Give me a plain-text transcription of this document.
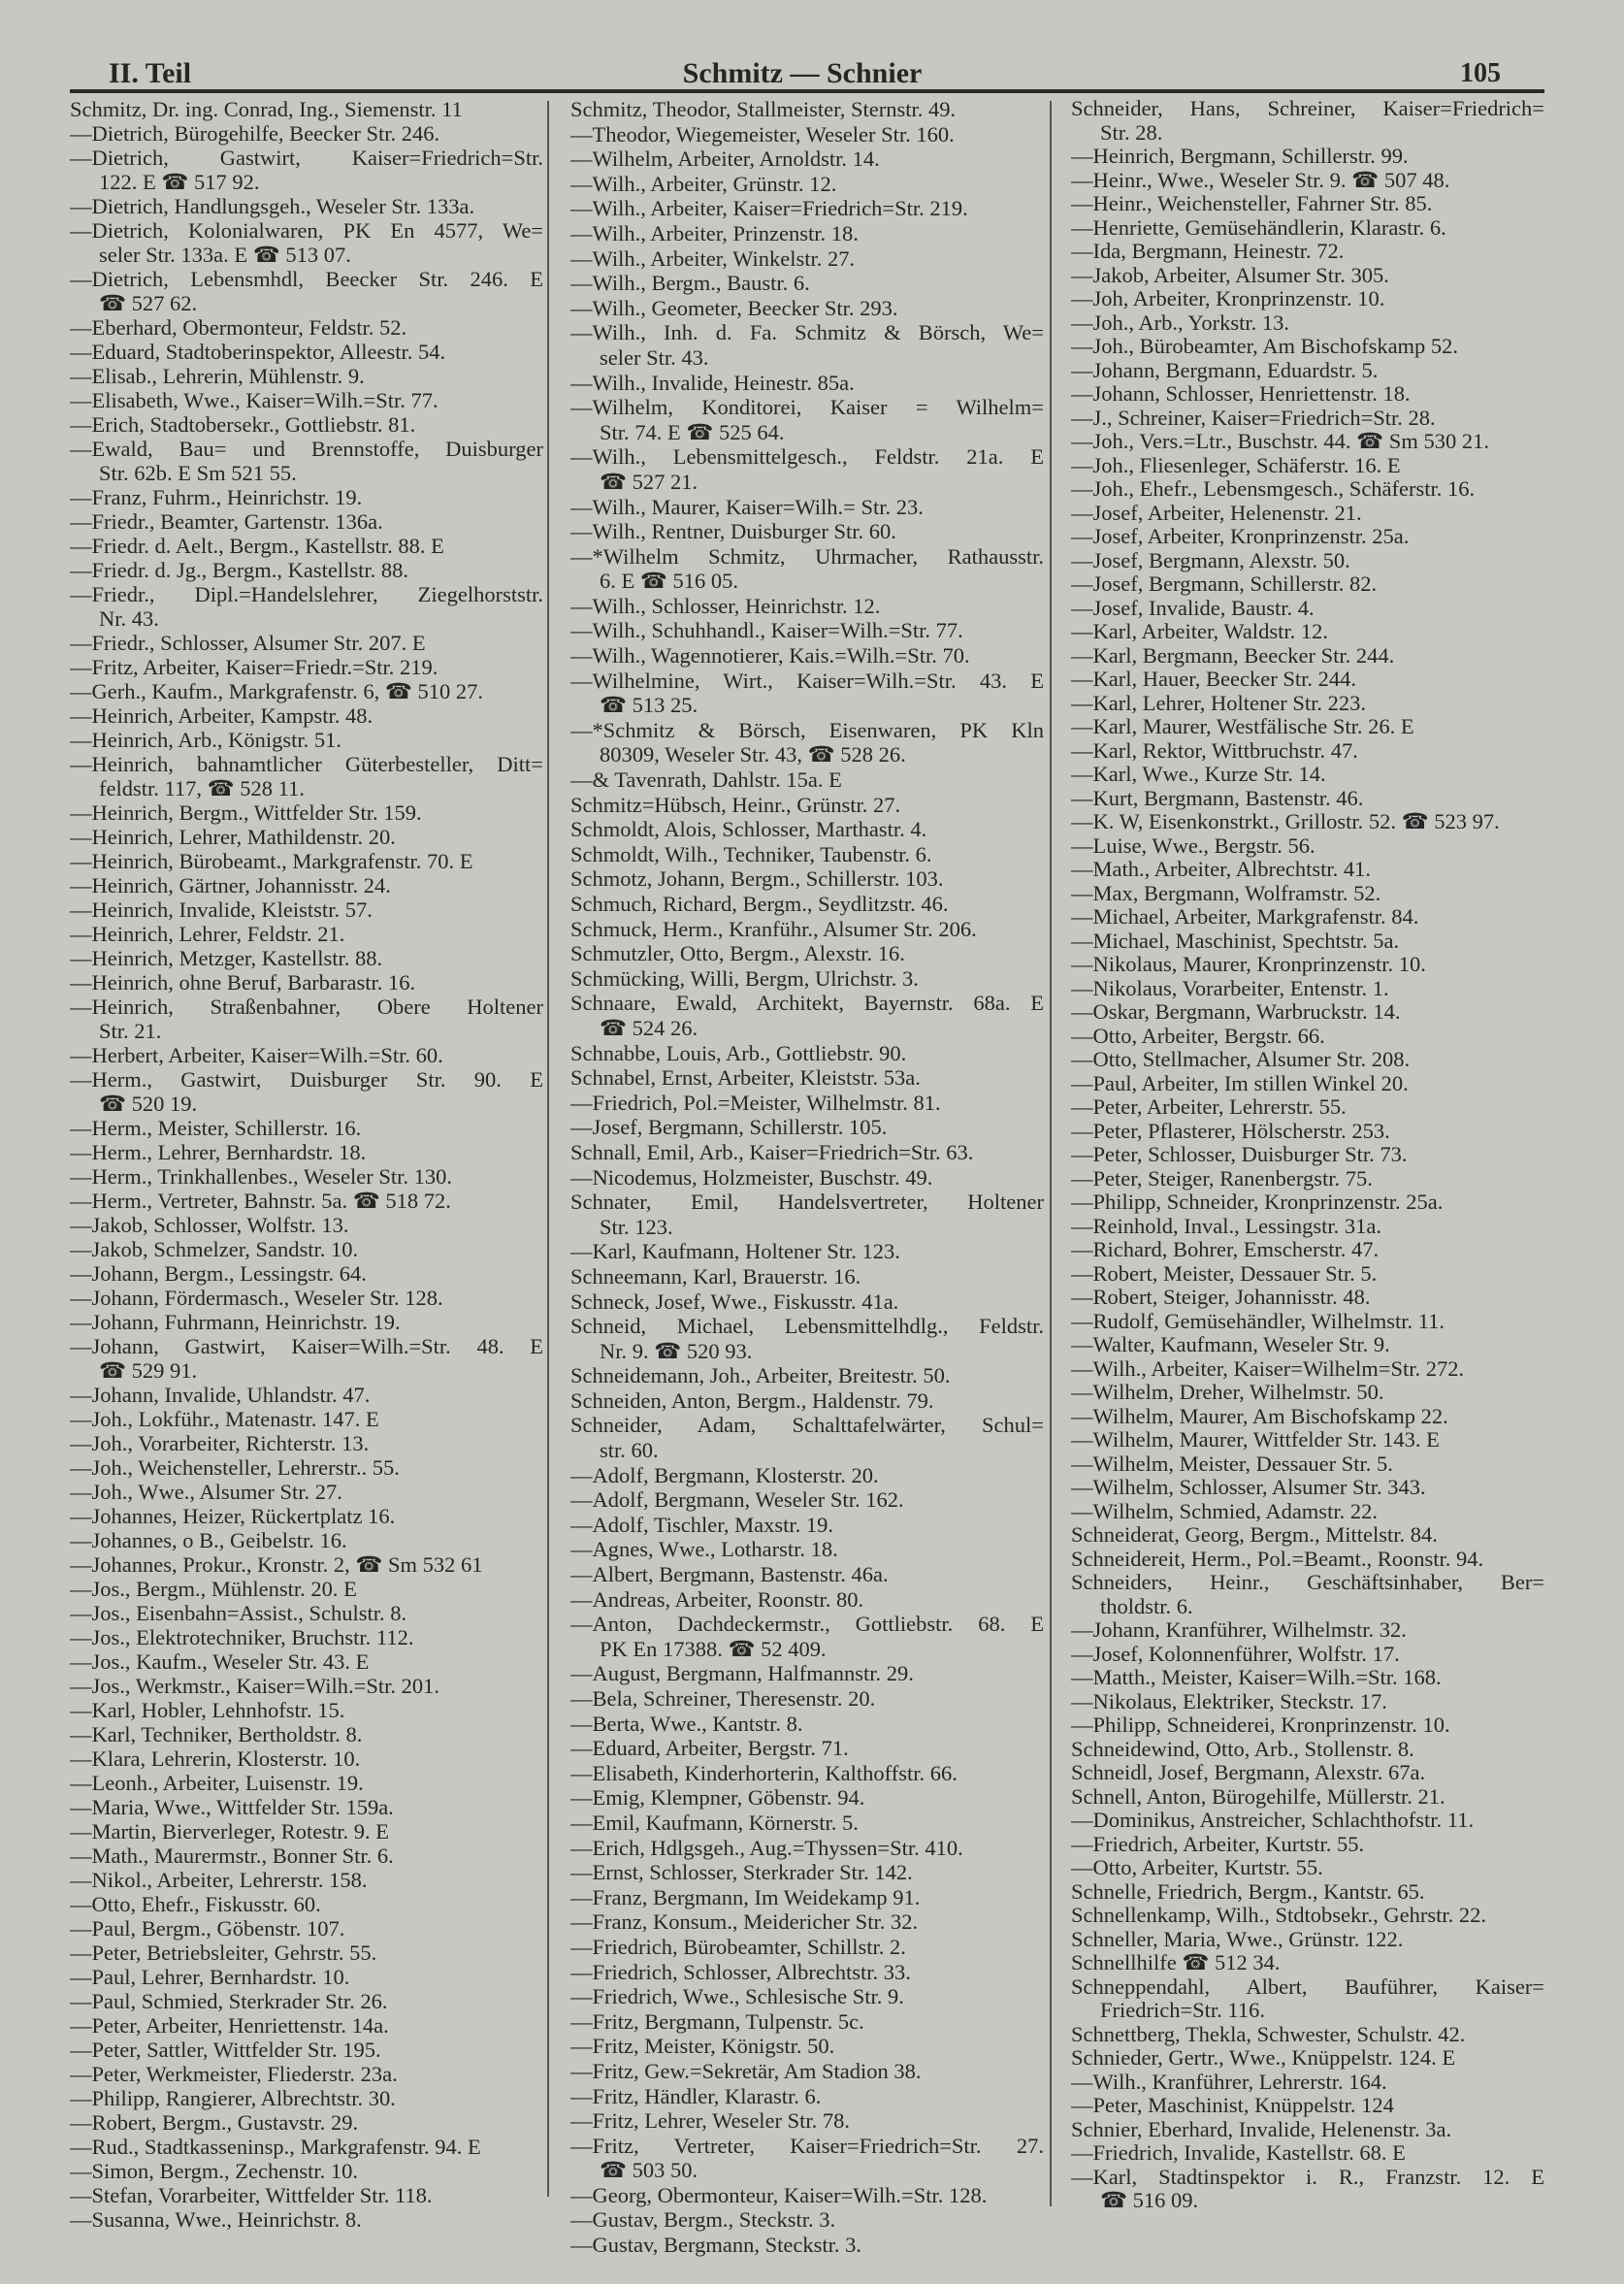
II. Teil	Schmitz — Schnier	105
Schmitz, Dr. ing. Conrad, Ing., Siemenstr. 11
—Dietrich, Bürogehilfe, Beecker Str. 246.
—Dietrich, Gastwirt, Kaiser=Friedrich=Str.
122. E ☎ 517 92.
—Dietrich, Handlungsgeh., Weseler Str. 133a.
—Dietrich, Kolonialwaren, PK En 4577, We=
seler Str. 133a. E ☎ 513 07.
—Dietrich, Lebensmhdl, Beecker Str. 246. E
☎ 527 62.
—Eberhard, Obermonteur, Feldstr. 52.
—Eduard, Stadtoberinspektor, Alleestr. 54.
—Elisab., Lehrerin, Mühlenstr. 9.
—Elisabeth, Wwe., Kaiser=Wilh.=Str. 77.
—Erich, Stadtobersekr., Gottliebstr. 81.
—Ewald, Bau= und Brennstoffe, Duisburger
Str. 62b. E Sm 521 55.
—Franz, Fuhrm., Heinrichstr. 19.
—Friedr., Beamter, Gartenstr. 136a.
—Friedr. d. Aelt., Bergm., Kastellstr. 88. E
—Friedr. d. Jg., Bergm., Kastellstr. 88.
—Friedr., Dipl.=Handelslehrer, Ziegelhorststr.
Nr. 43.
—Friedr., Schlosser, Alsumer Str. 207. E
—Fritz, Arbeiter, Kaiser=Friedr.=Str. 219.
—Gerh., Kaufm., Markgrafenstr. 6, ☎ 510 27.
—Heinrich, Arbeiter, Kampstr. 48.
—Heinrich, Arb., Königstr. 51.
—Heinrich, bahnamtlicher Güterbesteller, Ditt=
feldstr. 117, ☎ 528 11.
—Heinrich, Bergm., Wittfelder Str. 159.
—Heinrich, Lehrer, Mathildenstr. 20.
—Heinrich, Bürobeamt., Markgrafenstr. 70. E
—Heinrich, Gärtner, Johannisstr. 24.
—Heinrich, Invalide, Kleiststr. 57.
—Heinrich, Lehrer, Feldstr. 21.
—Heinrich, Metzger, Kastellstr. 88.
—Heinrich, ohne Beruf, Barbarastr. 16.
—Heinrich, Straßenbahner, Obere Holtener
Str. 21.
—Herbert, Arbeiter, Kaiser=Wilh.=Str. 60.
—Herm., Gastwirt, Duisburger Str. 90. E
☎ 520 19.
—Herm., Meister, Schillerstr. 16.
—Herm., Lehrer, Bernhardstr. 18.
—Herm., Trinkhallenbes., Weseler Str. 130.
—Herm., Vertreter, Bahnstr. 5a. ☎ 518 72.
—Jakob, Schlosser, Wolfstr. 13.
—Jakob, Schmelzer, Sandstr. 10.
—Johann, Bergm., Lessingstr. 64.
—Johann, Fördermasch., Weseler Str. 128.
—Johann, Fuhrmann, Heinrichstr. 19.
—Johann, Gastwirt, Kaiser=Wilh.=Str. 48. E
☎ 529 91.
—Johann, Invalide, Uhlandstr. 47.
—Joh., Lokführ., Matenastr. 147. E
—Joh., Vorarbeiter, Richterstr. 13.
—Joh., Weichensteller, Lehrerstr.. 55.
—Joh., Wwe., Alsumer Str. 27.
—Johannes, Heizer, Rückertplatz 16.
—Johannes, o B., Geibelstr. 16.
—Johannes, Prokur., Kronstr. 2, ☎ Sm 532 61
—Jos., Bergm., Mühlenstr. 20. E
—Jos., Eisenbahn=Assist., Schulstr. 8.
—Jos., Elektrotechniker, Bruchstr. 112.
—Jos., Kaufm., Weseler Str. 43. E
—Jos., Werkmstr., Kaiser=Wilh.=Str. 201.
—Karl, Hobler, Lehnhofstr. 15.
—Karl, Techniker, Bertholdstr. 8.
—Klara, Lehrerin, Klosterstr. 10.
—Leonh., Arbeiter, Luisenstr. 19.
—Maria, Wwe., Wittfelder Str. 159a.
—Martin, Bierverleger, Rotestr. 9. E
—Math., Maurermstr., Bonner Str. 6.
—Nikol., Arbeiter, Lehrerstr. 158.
—Otto, Ehefr., Fiskusstr. 60.
—Paul, Bergm., Göbenstr. 107.
—Peter, Betriebsleiter, Gehrstr. 55.
—Paul, Lehrer, Bernhardstr. 10.
—Paul, Schmied, Sterkrader Str. 26.
—Peter, Arbeiter, Henriettenstr. 14a.
—Peter, Sattler, Wittfelder Str. 195.
—Peter, Werkmeister, Fliederstr. 23a.
—Philipp, Rangierer, Albrechtstr. 30.
—Robert, Bergm., Gustavstr. 29.
—Rud., Stadtkasseninsp., Markgrafenstr. 94. E
—Simon, Bergm., Zechenstr. 10.
—Stefan, Vorarbeiter, Wittfelder Str. 118.
—Susanna, Wwe., Heinrichstr. 8.
Schmitz, Theodor, Stallmeister, Sternstr. 49.
—Theodor, Wiegemeister, Weseler Str. 160.
—Wilhelm, Arbeiter, Arnoldstr. 14.
—Wilh., Arbeiter, Grünstr. 12.
—Wilh., Arbeiter, Kaiser=Friedrich=Str. 219.
—Wilh., Arbeiter, Prinzenstr. 18.
—Wilh., Arbeiter, Winkelstr. 27.
—Wilh., Bergm., Baustr. 6.
—Wilh., Geometer, Beecker Str. 293.
—Wilh., Inh. d. Fa. Schmitz & Börsch, We=
seler Str. 43.
—Wilh., Invalide, Heinestr. 85a.
—Wilhelm, Konditorei, Kaiser = Wilhelm=
Str. 74. E ☎ 525 64.
—Wilh., Lebensmittelgesch., Feldstr. 21a. E
☎ 527 21.
—Wilh., Maurer, Kaiser=Wilh.= Str. 23.
—Wilh., Rentner, Duisburger Str. 60.
—*Wilhelm Schmitz, Uhrmacher, Rathausstr.
6. E ☎ 516 05.
—Wilh., Schlosser, Heinrichstr. 12.
—Wilh., Schuhhandl., Kaiser=Wilh.=Str. 77.
—Wilh., Wagennotierer, Kais.=Wilh.=Str. 70.
—Wilhelmine, Wirt., Kaiser=Wilh.=Str. 43. E
☎ 513 25.
—*Schmitz & Börsch, Eisenwaren, PK Kln
80309, Weseler Str. 43, ☎ 528 26.
—& Tavenrath, Dahlstr. 15a. E
Schmitz=Hübsch, Heinr., Grünstr. 27.
Schmoldt, Alois, Schlosser, Marthastr. 4.
Schmoldt, Wilh., Techniker, Taubenstr. 6.
Schmotz, Johann, Bergm., Schillerstr. 103.
Schmuch, Richard, Bergm., Seydlitzstr. 46.
Schmuck, Herm., Kranführ., Alsumer Str. 206.
Schmutzler, Otto, Bergm., Alexstr. 16.
Schmücking, Willi, Bergm, Ulrichstr. 3.
Schnaare, Ewald, Architekt, Bayernstr. 68a. E
☎ 524 26.
Schnabbe, Louis, Arb., Gottliebstr. 90.
Schnabel, Ernst, Arbeiter, Kleiststr. 53a.
—Friedrich, Pol.=Meister, Wilhelmstr. 81.
—Josef, Bergmann, Schillerstr. 105.
Schnall, Emil, Arb., Kaiser=Friedrich=Str. 63.
—Nicodemus, Holzmeister, Buschstr. 49.
Schnater, Emil, Handelsvertreter, Holtener
Str. 123.
—Karl, Kaufmann, Holtener Str. 123.
Schneemann, Karl, Brauerstr. 16.
Schneck, Josef, Wwe., Fiskusstr. 41a.
Schneid, Michael, Lebensmittelhdlg., Feldstr.
Nr. 9. ☎ 520 93.
Schneidemann, Joh., Arbeiter, Breitestr. 50.
Schneiden, Anton, Bergm., Haldenstr. 79.
Schneider, Adam, Schalttafelwärter, Schul=
str. 60.
—Adolf, Bergmann, Klosterstr. 20.
—Adolf, Bergmann, Weseler Str. 162.
—Adolf, Tischler, Maxstr. 19.
—Agnes, Wwe., Lotharstr. 18.
—Albert, Bergmann, Bastenstr. 46a.
—Andreas, Arbeiter, Roonstr. 80.
—Anton, Dachdeckermstr., Gottliebstr. 68. E
PK En 17388. ☎ 52 409.
—August, Bergmann, Halfmannstr. 29.
—Bela, Schreiner, Theresenstr. 20.
—Berta, Wwe., Kantstr. 8.
—Eduard, Arbeiter, Bergstr. 71.
—Elisabeth, Kinderhorterin, Kalthoffstr. 66.
—Emig, Klempner, Göbenstr. 94.
—Emil, Kaufmann, Körnerstr. 5.
—Erich, Hdlgsgeh., Aug.=Thyssen=Str. 410.
—Ernst, Schlosser, Sterkrader Str. 142.
—Franz, Bergmann, Im Weidekamp 91.
—Franz, Konsum., Meidericher Str. 32.
—Friedrich, Bürobeamter, Schillstr. 2.
—Friedrich, Schlosser, Albrechtstr. 33.
—Friedrich, Wwe., Schlesische Str. 9.
—Fritz, Bergmann, Tulpenstr. 5c.
—Fritz, Meister, Königstr. 50.
—Fritz, Gew.=Sekretär, Am Stadion 38.
—Fritz, Händler, Klarastr. 6.
—Fritz, Lehrer, Weseler Str. 78.
—Fritz, Vertreter, Kaiser=Friedrich=Str. 27.
☎ 503 50.
—Georg, Obermonteur, Kaiser=Wilh.=Str. 128.
—Gustav, Bergm., Steckstr. 3.
—Gustav, Bergmann, Steckstr. 3.
Schneider, Hans, Schreiner, Kaiser=Friedrich=
Str. 28.
—Heinrich, Bergmann, Schillerstr. 99.
—Heinr., Wwe., Weseler Str. 9. ☎ 507 48.
—Heinr., Weichensteller, Fahrner Str. 85.
—Henriette, Gemüsehändlerin, Klarastr. 6.
—Ida, Bergmann, Heinestr. 72.
—Jakob, Arbeiter, Alsumer Str. 305.
—Joh, Arbeiter, Kronprinzenstr. 10.
—Joh., Arb., Yorkstr. 13.
—Joh., Bürobeamter, Am Bischofskamp 52.
—Johann, Bergmann, Eduardstr. 5.
—Johann, Schlosser, Henriettenstr. 18.
—J., Schreiner, Kaiser=Friedrich=Str. 28.
—Joh., Vers.=Ltr., Buschstr. 44. ☎ Sm 530 21.
—Joh., Fliesenleger, Schäferstr. 16. E
—Joh., Ehefr., Lebensmgesch., Schäferstr. 16.
—Josef, Arbeiter, Helenenstr. 21.
—Josef, Arbeiter, Kronprinzenstr. 25a.
—Josef, Bergmann, Alexstr. 50.
—Josef, Bergmann, Schillerstr. 82.
—Josef, Invalide, Baustr. 4.
—Karl, Arbeiter, Waldstr. 12.
—Karl, Bergmann, Beecker Str. 244.
—Karl, Hauer, Beecker Str. 244.
—Karl, Lehrer, Holtener Str. 223.
—Karl, Maurer, Westfälische Str. 26. E
—Karl, Rektor, Wittbruchstr. 47.
—Karl, Wwe., Kurze Str. 14.
—Kurt, Bergmann, Bastenstr. 46.
—K. W, Eisenkonstrkt., Grillostr. 52. ☎ 523 97.
—Luise, Wwe., Bergstr. 56.
—Math., Arbeiter, Albrechtstr. 41.
—Max, Bergmann, Wolframstr. 52.
—Michael, Arbeiter, Markgrafenstr. 84.
—Michael, Maschinist, Spechtstr. 5a.
—Nikolaus, Maurer, Kronprinzenstr. 10.
—Nikolaus, Vorarbeiter, Entenstr. 1.
—Oskar, Bergmann, Warbruckstr. 14.
—Otto, Arbeiter, Bergstr. 66.
—Otto, Stellmacher, Alsumer Str. 208.
—Paul, Arbeiter, Im stillen Winkel 20.
—Peter, Arbeiter, Lehrerstr. 55.
—Peter, Pflasterer, Hölscherstr. 253.
—Peter, Schlosser, Duisburger Str. 73.
—Peter, Steiger, Ranenbergstr. 75.
—Philipp, Schneider, Kronprinzenstr. 25a.
—Reinhold, Inval., Lessingstr. 31a.
—Richard, Bohrer, Emscherstr. 47.
—Robert, Meister, Dessauer Str. 5.
—Robert, Steiger, Johannisstr. 48.
—Rudolf, Gemüsehändler, Wilhelmstr. 11.
—Walter, Kaufmann, Weseler Str. 9.
—Wilh., Arbeiter, Kaiser=Wilhelm=Str. 272.
—Wilhelm, Dreher, Wilhelmstr. 50.
—Wilhelm, Maurer, Am Bischofskamp 22.
—Wilhelm, Maurer, Wittfelder Str. 143. E
—Wilhelm, Meister, Dessauer Str. 5.
—Wilhelm, Schlosser, Alsumer Str. 343.
—Wilhelm, Schmied, Adamstr. 22.
Schneiderat, Georg, Bergm., Mittelstr. 84.
Schneidereit, Herm., Pol.=Beamt., Roonstr. 94.
Schneiders, Heinr., Geschäftsinhaber, Ber=
tholdstr. 6.
—Johann, Kranführer, Wilhelmstr. 32.
—Josef, Kolonnenführer, Wolfstr. 17.
—Matth., Meister, Kaiser=Wilh.=Str. 168.
—Nikolaus, Elektriker, Steckstr. 17.
—Philipp, Schneiderei, Kronprinzenstr. 10.
Schneidewind, Otto, Arb., Stollenstr. 8.
Schneidl, Josef, Bergmann, Alexstr. 67a.
Schnell, Anton, Bürogehilfe, Müllerstr. 21.
—Dominikus, Anstreicher, Schlachthofstr. 11.
—Friedrich, Arbeiter, Kurtstr. 55.
—Otto, Arbeiter, Kurtstr. 55.
Schnelle, Friedrich, Bergm., Kantstr. 65.
Schnellenkamp, Wilh., Stdtobsekr., Gehrstr. 22.
Schneller, Maria, Wwe., Grünstr. 122.
Schnellhilfe ☎ 512 34.
Schneppendahl, Albert, Bauführer, Kaiser=
Friedrich=Str. 116.
Schnettberg, Thekla, Schwester, Schulstr. 42.
Schnieder, Gertr., Wwe., Knüppelstr. 124. E
—Wilh., Kranführer, Lehrerstr. 164.
—Peter, Maschinist, Knüppelstr. 124
Schnier, Eberhard, Invalide, Helenenstr. 3a.
—Friedrich, Invalide, Kastellstr. 68. E
—Karl, Stadtinspektor i. R., Franzstr. 12. E
☎ 516 09.
